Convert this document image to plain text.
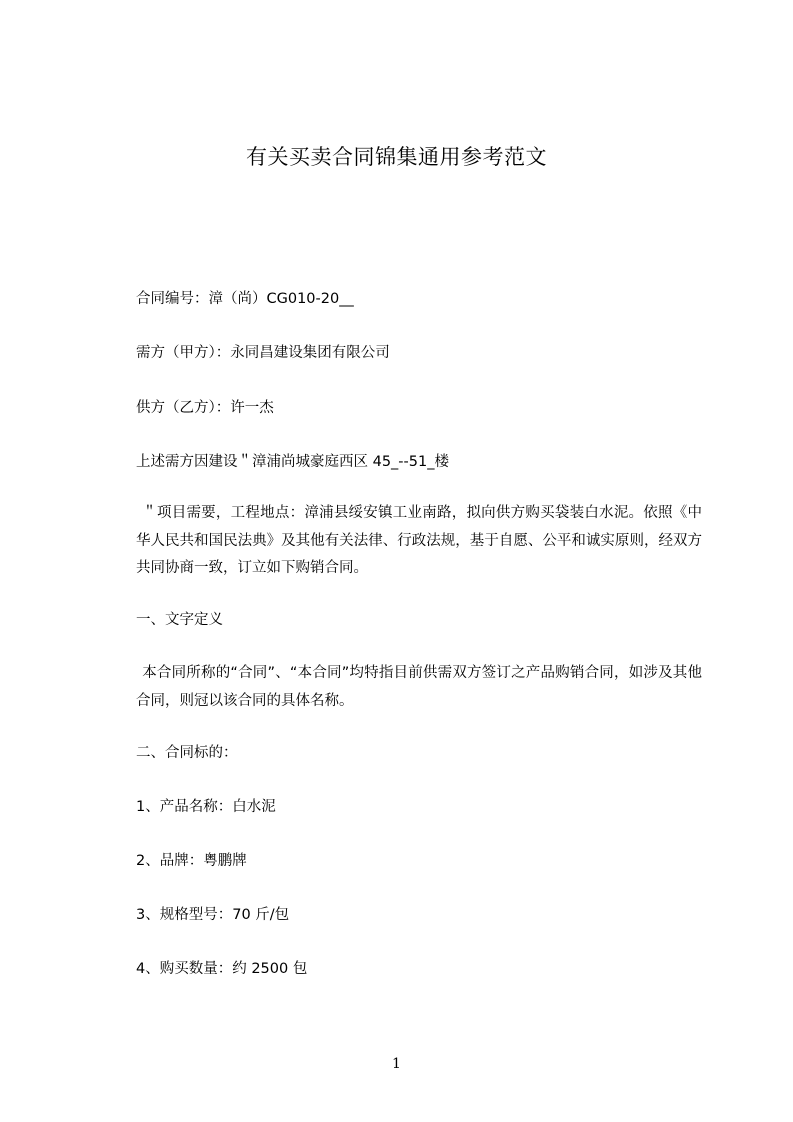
有关买卖合同锦集通用参考范文

合同编号：漳（尚）CG010-20__

需方（甲方）：永同昌建设集团有限公司

供方（乙方）：许一杰

上述需方因建设＂漳浦尚城豪庭西区 45_--51_楼

＂项目需要，工程地点：漳浦县绥安镇工业南路，拟向供方购买袋装白水泥。依照《中华人民共和国民法典》及其他有关法律、行政法规，基于自愿、公平和诚实原则，经双方共同协商一致，订立如下购销合同。

一、文字定义

本合同所称的“合同”、“本合同”均特指目前供需双方签订之产品购销合同，如涉及其他合同，则冠以该合同的具体名称。

二、合同标的：

1、产品名称：白水泥

2、品牌：粤鹏牌

3、规格型号：70 斤/包

4、购买数量：约 2500 包

1
